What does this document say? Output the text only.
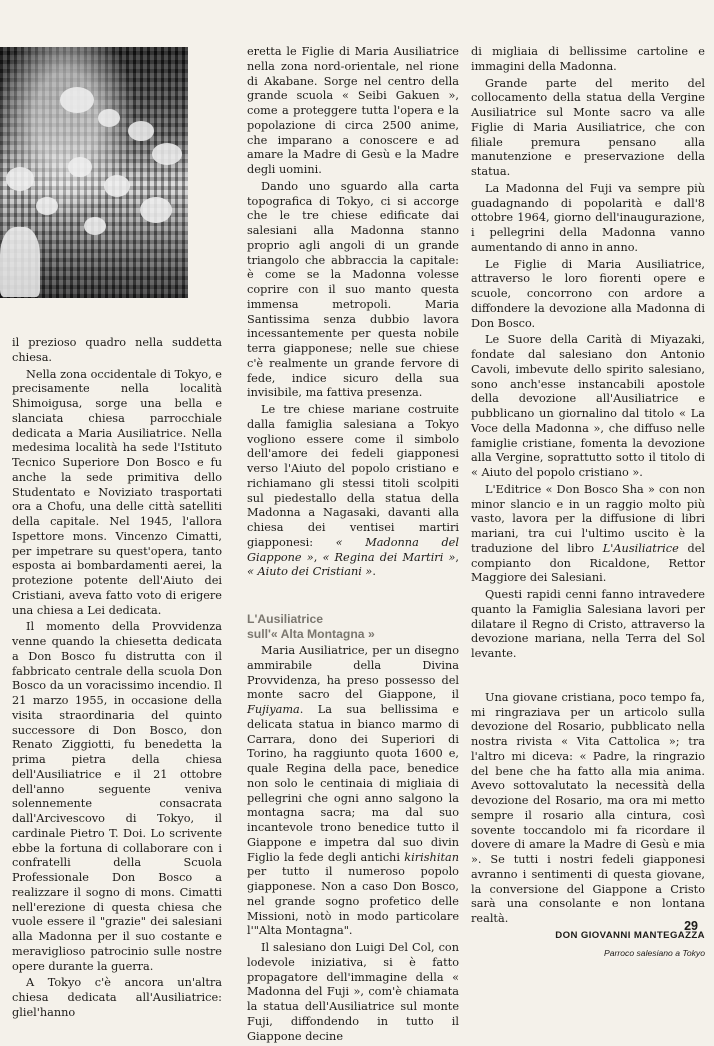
il prezioso quadro nella suddetta chiesa.

Nella zona occidentale di Tokyo, e precisamente nella località Shimoigusa, sorge una bella e slanciata chiesa parrocchiale dedicata a Maria Ausiliatrice. Nella medesima località ha sede l'Istituto Tecnico Superiore Don Bosco e fu anche la sede primitiva dello Studentato e Noviziato trasportati ora a Chofu, una delle città satelliti della capitale. Nel 1945, l'allora Ispettore mons. Vincenzo Cimatti, per impetrare su quest'opera, tanto esposta ai bombardamenti aerei, la protezione potente dell'Aiuto dei Cristiani, aveva fatto voto di erigere una chiesa a Lei dedicata.

Il momento della Provvidenza venne quando la chiesetta dedicata a Don Bosco fu distrutta con il fabbricato centrale della scuola Don Bosco da un voracissimo incendio. Il 21 marzo 1955, in occasione della visita straordinaria del quinto successore di Don Bosco, don Renato Ziggiotti, fu benedetta la prima pietra della chiesa dell'Ausiliatrice e il 21 ottobre dell'anno seguente veniva solennemente consacrata dall'Arcivescovo di Tokyo, il cardinale Pietro T. Doi. Lo scrivente ebbe la fortuna di collaborare con i confratelli della Scuola Professionale Don Bosco a realizzare il sogno di mons. Cimatti nell'erezione di questa chiesa che vuole essere il "grazie" dei salesiani alla Madonna per il suo costante e meraviglioso patrocinio sulle nostre opere durante la guerra.

A Tokyo c'è ancora un'altra chiesa dedicata all'Ausiliatrice: gliel'hanno

eretta le Figlie di Maria Ausiliatrice nella zona nord-orientale, nel rione di Akabane. Sorge nel centro della grande scuola « Seibi Gakuen », come a proteggere tutta l'opera e la popolazione di circa 2500 anime, che imparano a conoscere e ad amare la Madre di Gesù e la Madre degli uomini.

Dando uno sguardo alla carta topografica di Tokyo, ci si accorge che le tre chiese edificate dai salesiani alla Madonna stanno proprio agli angoli di un grande triangolo che abbraccia la capitale: è come se la Madonna volesse coprire con il suo manto questa immensa metropoli. Maria Santissima senza dubbio lavora incessantemente per questa nobile terra giapponese; nelle sue chiese c'è realmente un grande fervore di fede, indice sicuro della sua invisibile, ma fattiva presenza.

Le tre chiese mariane costruite dalla famiglia salesiana a Tokyo vogliono essere come il simbolo dell'amore dei fedeli giapponesi verso l'Aiuto del popolo cristiano e richiamano gli stessi titoli scolpiti sul piedestallo della statua della Madonna a Nagasaki, davanti alla chiesa dei ventisei martiri giapponesi: « Madonna del Giappone », « Regina dei Martiri », « Aiuto dei Cristiani ».

L'Ausiliatrice
sull'« Alta Montagna »

Maria Ausiliatrice, per un disegno ammirabile della Divina Provvidenza, ha preso possesso del monte sacro del Giappone, il Fujiyama. La sua bellissima e delicata statua in bianco marmo di Carrara, dono dei Superiori di Torino, ha raggiunto quota 1600 e, quale Regina della pace, benedice non solo le centinaia di migliaia di pellegrini che ogni anno salgono la montagna sacra; ma dal suo incantevole trono benedice tutto il Giappone e impetra dal suo divin Figlio la fede degli antichi kirishitan per tutto il numeroso popolo giapponese. Non a caso Don Bosco, nel grande sogno profetico delle Missioni, notò in modo particolare l'"Alta Montagna".

Il salesiano don Luigi Del Col, con lodevole iniziativa, si è fatto propagatore dell'immagine della « Madonna del Fuji », com'è chiamata la statua dell'Ausiliatrice sul monte Fuji, diffondendo in tutto il Giappone decine

di migliaia di bellissime cartoline e immagini della Madonna.

Grande parte del merito del collocamento della statua della Vergine Ausiliatrice sul Monte sacro va alle Figlie di Maria Ausiliatrice, che con filiale premura pensano alla manutenzione e preservazione della statua.

La Madonna del Fuji va sempre più guadagnando di popolarità e dall'8 ottobre 1964, giorno dell'inaugurazione, i pellegrini della Madonna vanno aumentando di anno in anno.

Le Figlie di Maria Ausiliatrice, attraverso le loro fiorenti opere e scuole, concorrono con ardore a diffondere la devozione alla Madonna di Don Bosco.

Le Suore della Carità di Miyazaki, fondate dal salesiano don Antonio Cavoli, imbevute dello spirito salesiano, sono anch'esse instancabili apostole della devozione all'Ausiliatrice e pubblicano un giornalino dal titolo « La Voce della Madonna », che diffuso nelle famiglie cristiane, fomenta la devozione alla Vergine, soprattutto sotto il titolo di « Aiuto del popolo cristiano ».

L'Editrice « Don Bosco Sha » con non minor slancio e in un raggio molto più vasto, lavora per la diffusione di libri mariani, tra cui l'ultimo uscito è la traduzione del libro L'Ausiliatrice del compianto don Ricaldone, Rettor Maggiore dei Salesiani.

Questi rapidi cenni fanno intravedere quanto la Famiglia Salesiana lavori per dilatare il Regno di Cristo, attraverso la devozione mariana, nella Terra del Sol levante.

Una giovane cristiana, poco tempo fa, mi ringraziava per un articolo sulla devozione del Rosario, pubblicato nella nostra rivista « Vita Cattolica »; tra l'altro mi diceva: « Padre, la ringrazio del bene che ha fatto alla mia anima. Avevo sottovalutato la necessità della devozione del Rosario, ma ora mi metto sempre il rosario alla cintura, così sovente toccandolo mi fa ricordare il dovere di amare la Madre di Gesù e mia ». Se tutti i nostri fedeli giapponesi avranno i sentimenti di questa giovane, la conversione del Giappone a Cristo sarà una consolante e non lontana realtà.

DON GIOVANNI MANTEGAZZA

Parroco salesiano a Tokyo

29
